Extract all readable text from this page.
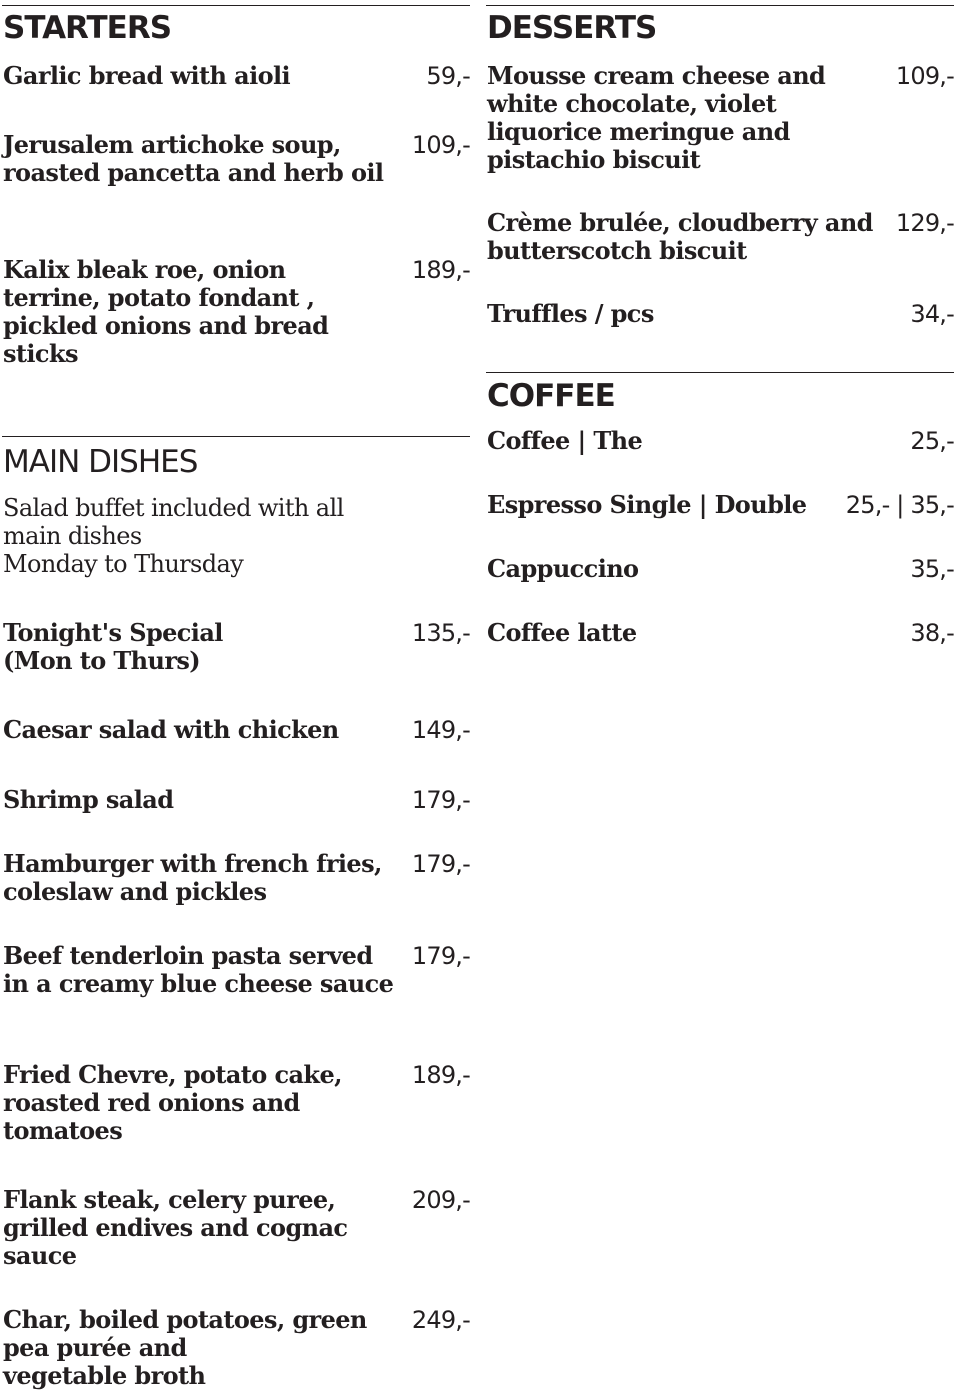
STARTERS
Garlic bread with aioli	59,-
Jerusalem artichoke soup,
roasted pancetta and herb oil
109,-
Kalix bleak roe, onion
terrine, potato fondant ,
pickled onions and bread
sticks
189,-
MAIN DISHES
Salad buffet included with all
main dishes
Monday to Thursday
Tonight's Special
(Mon to Thurs)
135,-
Caesar salad with chicken	149,-
Shrimp salad	179,-
Hamburger with french fries,
coleslaw and pickles
179,-
Beef tenderloin pasta served
in a creamy blue cheese sauce
179,-
Fried Chevre, potato cake,
roasted red onions and
tomatoes
189,-
Flank steak, celery puree,
grilled endives and cognac
sauce
209,-
Char, boiled potatoes, green
pea purée and
vegetable broth
249,-
DESSERTS
Mousse cream cheese and
white chocolate, violet
liquorice meringue and
pistachio biscuit
109,-
Crème brulée, cloudberry and
butterscotch biscuit
129,-
Truffles / pcs	34,-
COFFEE
Coffee | The	25,-
Espresso Single | Double 25,- | 35,-
Cappuccino	35,-
Coffee latte	38,-
